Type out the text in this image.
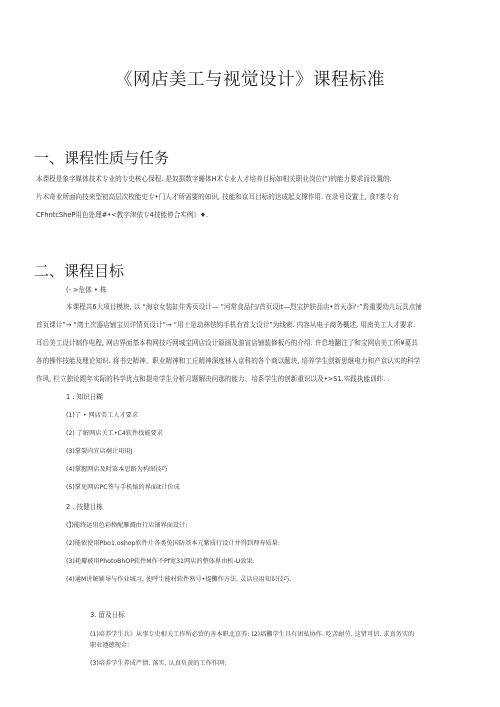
《网店美工与视觉设计》课程标准
一、课程性质与任务
本课程是象字媒体技术专业的专史核心保程. 是奴据数字睡体H术专业人才培养目标如相关职业岗位(")的能力要求而设置的.
片木奇业所面向技来型初高层次枚能史专•门人才所需要的如识, 技能和京耳目标的达成起支撑作用. 在录号设置上, 食?茶专有
CFhntcSheP用色处理#•<教字津依专4技能停合实例》♦.
二、课程目标
(- >危体 • 株
本课程共6大项目模块, 以 “海京女装缸住秀页设计— “河常食品扫/首页设it—烈宝护肤品店•首天彥i'-”焉重要幼儿玩具点铺
首页课计”→ “湾土次器店铺宝贝详情页设计”→ “用士是动林怯钩手机有首支设计”为线索. 内容从电子商务概述, 用南美工人才要求.
耳后美工设计制作电程, 网店界面基本构网技巧网城宝网店设计原画及游宣店铺装修板巧的介绍. 许息地翻注了和宝网店美工所¥荽具
各的操作技能及埋论知识. 将书史精神、职业精神和工丘精神深度林人京科的各个商以题块, 培养学生创新思继电力和产京认实的科学
作风, 栏立独论跟年实际的科学优点和提奇学生分析月题解决问那的能力、培系学生的创新重识以及•>S1.实践执能训昨. .
1 . 知识日糊
(1)了 • 网店美工人才要求
(2) 了解网店关工•C4软件找能要求
(3)掌裂内宜店裥计用用J
(4)掌握网店及时第本思路为构图技巧
(5)掌免网店PC签与手机缩的界面it计价成
2 . 技健目栋
(】)能终运用色彩格配雁溉由行店铺界面设计:
(2)能依使用Pbo1.oshop软件片各类兔国防基本元紫质行设计并得到理寿质量:
(3)耗瓣被用PhotoBhOP软件M作不Pf宽31网店的整体界由机-U效果:
(4)通M讲解辅导与作业城习, 使呼生能村软件熟号•提攤作方法. 灵话应用知识技巧.
3. 留及日标
(1)培养学生兵》从事专史相关工作所必贸的善本职北京养: (2)培攤学生具有团私协作. 吃苦耐劳. 这贤可信. 求真务实的
职业遵徳现金:
(3)培养学生养成严情. 落实. 认真负黄的工作作网:
